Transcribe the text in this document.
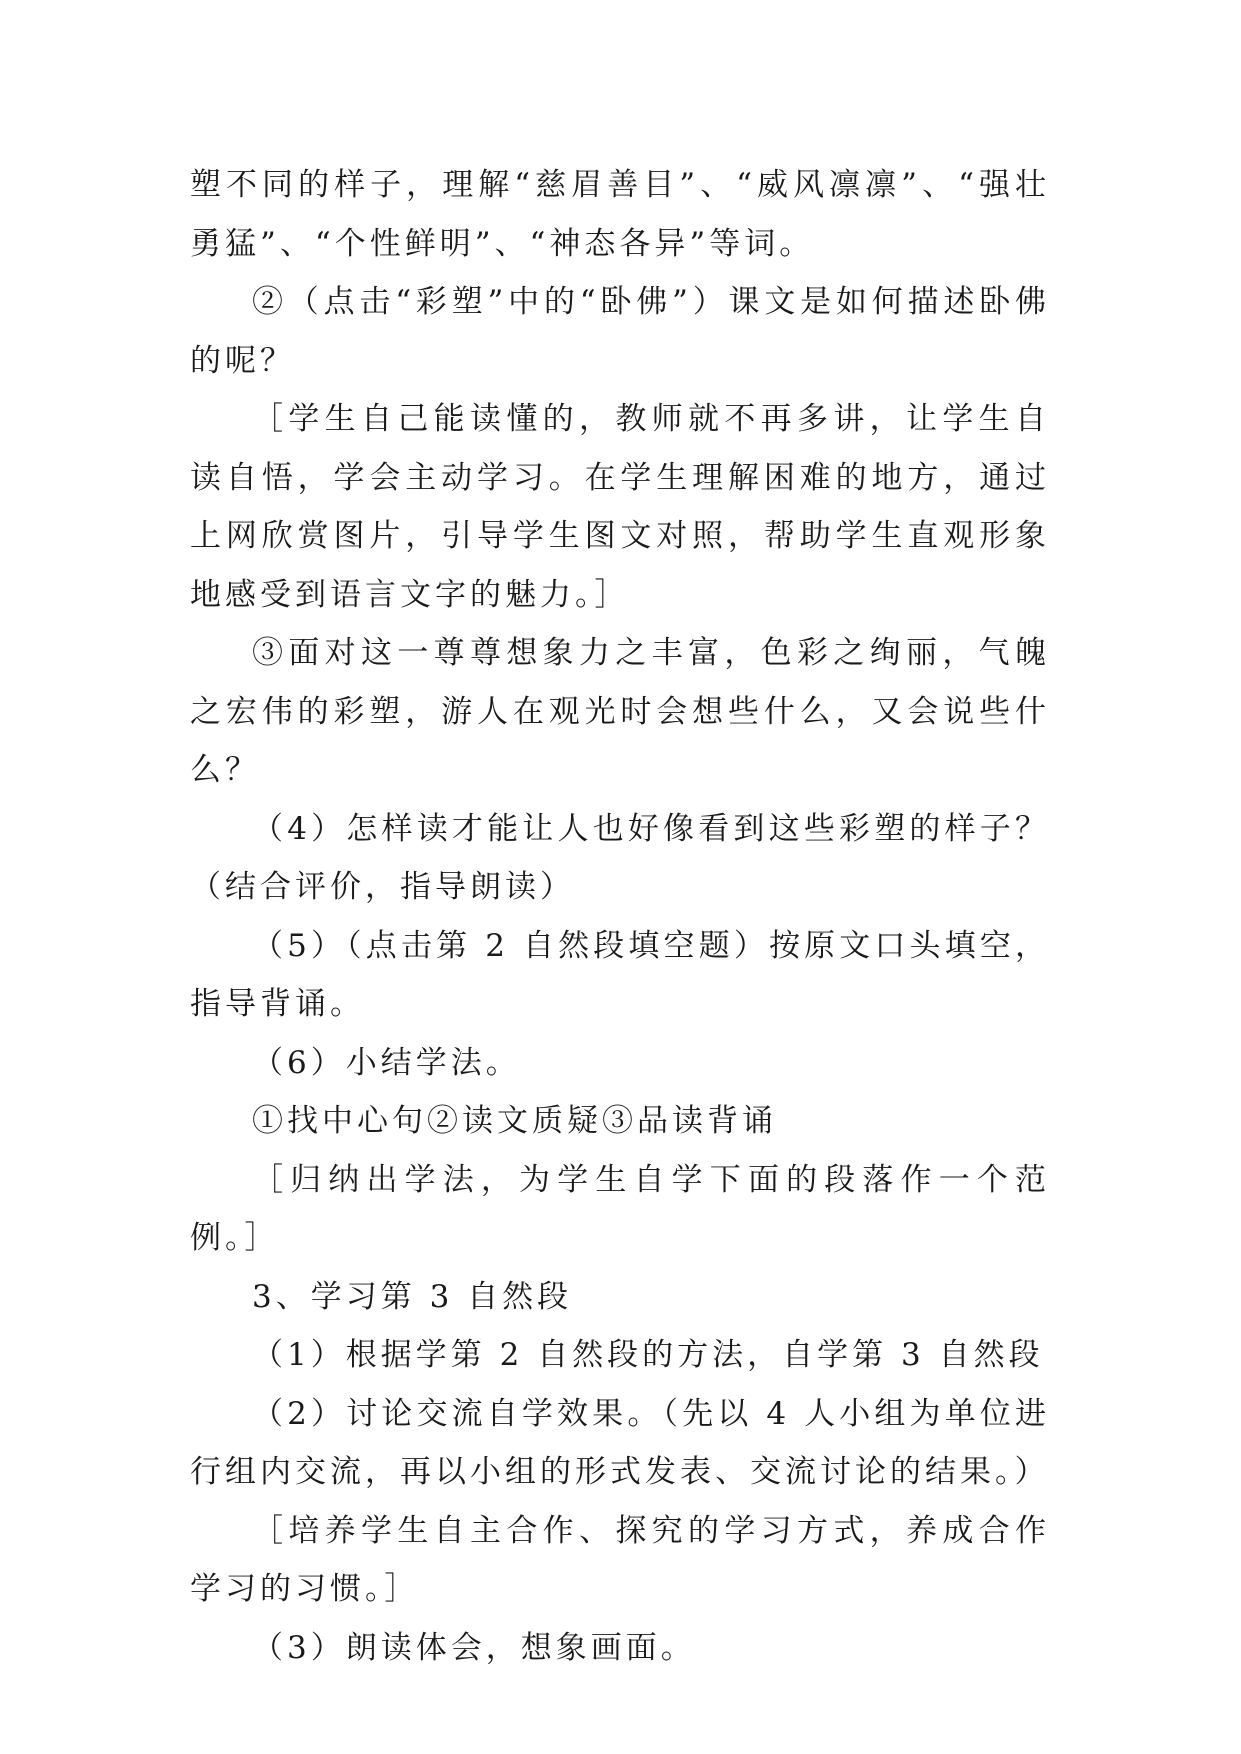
塑不同的样子，理解“慈眉善目”、“威风凛凛”、“强壮勇猛”、“个性鲜明”、“神态各异”等词。

②（点击“彩塑”中的“卧佛”）课文是如何描述卧佛的呢？

［学生自己能读懂的，教师就不再多讲，让学生自读自悟，学会主动学习。在学生理解困难的地方，通过上网欣赏图片，引导学生图文对照，帮助学生直观形象地感受到语言文字的魅力。］

③面对这一尊尊想象力之丰富，色彩之绚丽，气魄之宏伟的彩塑，游人在观光时会想些什么，又会说些什么？

（4）怎样读才能让人也好像看到这些彩塑的样子？（结合评价，指导朗读）

（5）（点击第 2 自然段填空题）按原文口头填空，指导背诵。

（6）小结学法。

①找中心句②读文质疑③品读背诵

［归纳出学法，为学生自学下面的段落作一个范例。］

3、学习第 3 自然段

（1）根据学第 2 自然段的方法，自学第 3 自然段

（2）讨论交流自学效果。（先以 4 人小组为单位进行组内交流，再以小组的形式发表、交流讨论的结果。）

［培养学生自主合作、探究的学习方式，养成合作学习的习惯。］

（3）朗读体会，想象画面。
